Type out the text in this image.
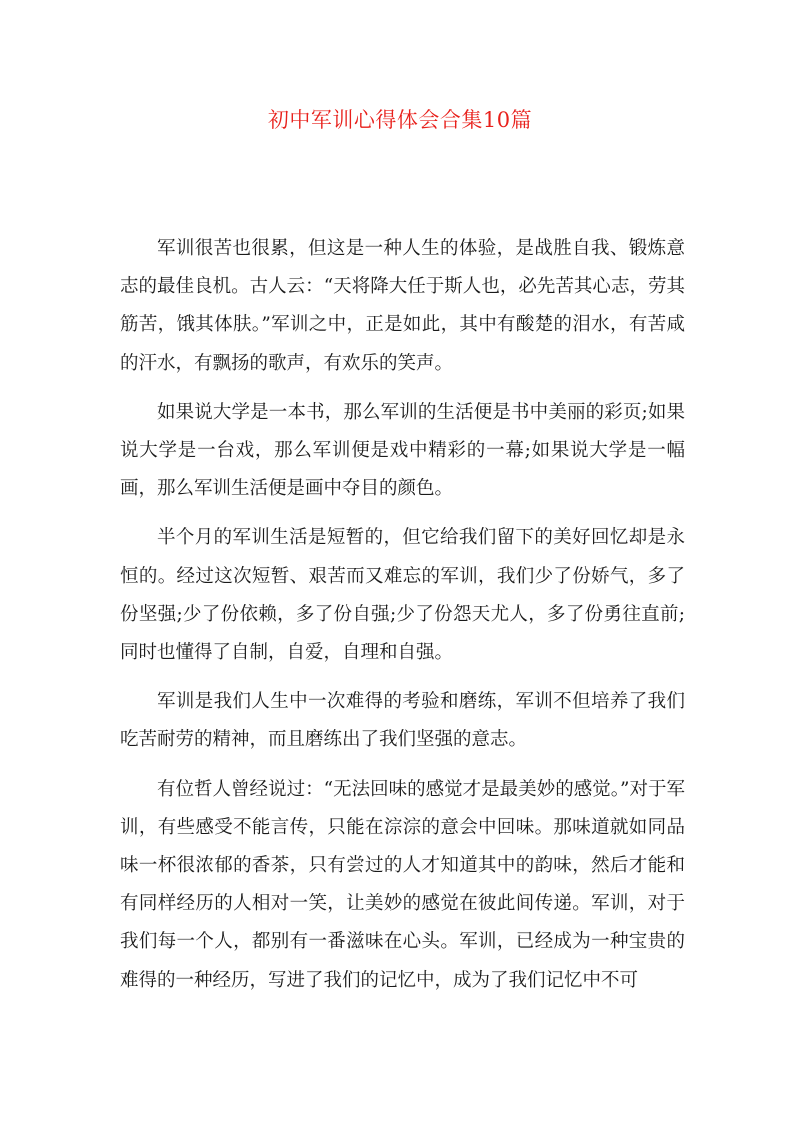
初中军训心得体会合集10篇

军训很苦也很累，但这是一种人生的体验，是战胜自我、锻炼意志的最佳良机。古人云：“天将降大任于斯人也，必先苦其心志，劳其筋苦，饿其体肤。”军训之中，正是如此，其中有酸楚的泪水，有苦咸的汗水，有飘扬的歌声，有欢乐的笑声。

如果说大学是一本书，那么军训的生活便是书中美丽的彩页;如果说大学是一台戏，那么军训便是戏中精彩的一幕;如果说大学是一幅画，那么军训生活便是画中夺目的颜色。

半个月的军训生活是短暂的，但它给我们留下的美好回忆却是永恒的。经过这次短暂、艰苦而又难忘的军训，我们少了份娇气，多了份坚强;少了份依赖，多了份自强;少了份怨天尤人，多了份勇往直前;同时也懂得了自制，自爱，自理和自强。

军训是我们人生中一次难得的考验和磨练，军训不但培养了我们吃苦耐劳的精神，而且磨练出了我们坚强的意志。

有位哲人曾经说过：“无法回味的感觉才是最美妙的感觉。”对于军训，有些感受不能言传，只能在淙淙的意会中回味。那味道就如同品味一杯很浓郁的香茶，只有尝过的人才知道其中的韵味，然后才能和有同样经历的人相对一笑，让美妙的感觉在彼此间传递。军训，对于我们每一个人，都别有一番滋味在心头。军训，已经成为一种宝贵的难得的一种经历，写进了我们的记忆中，成为了我们记忆中不可
